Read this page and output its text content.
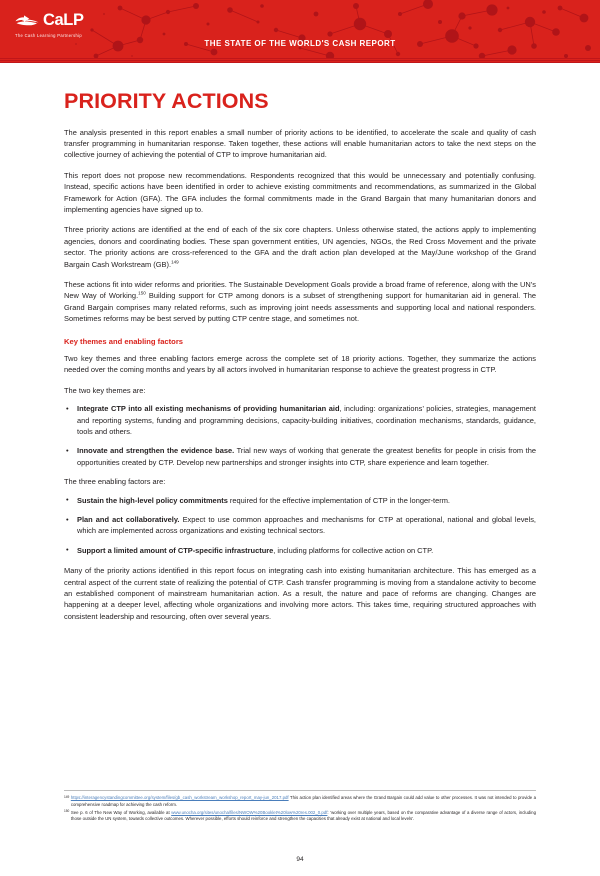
CaLP
The Cash Learning Partnership
THE STATE OF THE WORLD'S CASH REPORT
PRIORITY ACTIONS

The analysis presented in this report enables a small number of priority actions to be identified, to accelerate the scale and quality of cash transfer programming in humanitarian response. Taken together, these actions will enable humanitarian actors to take the next steps on the collective journey of achieving the potential of CTP to improve humanitarian aid.

This report does not propose new recommendations. Respondents recognized that this would be unnecessary and potentially confusing. Instead, specific actions have been identified in order to achieve existing commitments and recommendations, as summarized in the Global Framework for Action (GFA). The GFA includes the formal commitments made in the Grand Bargain that many humanitarian donors and implementing agencies have signed up to.

Three priority actions are identified at the end of each of the six core chapters. Unless otherwise stated, the actions apply to implementing agencies, donors and coordinating bodies. These span government entities, UN agencies, NGOs, the Red Cross Movement and the private sector. The priority actions are cross-referenced to the GFA and the draft action plan developed at the May/June workshop of the Grand Bargain Cash Workstream (GB).$^{149}$

These actions fit into wider reforms and priorities. The Sustainable Development Goals provide a broad frame of reference, along with the UN’s New Way of Working.$^{150}$ Building support for CTP among donors is a subset of strengthening support for humanitarian aid in general. The Grand Bargain comprises many related reforms, such as improving joint needs assessments and supporting local and national responders. Sometimes reforms may be best served by putting CTP centre stage, and sometimes not.

Key themes and enabling factors

Two key themes and three enabling factors emerge across the complete set of 18 priority actions. Together, they summarize the actions needed over the coming months and years by all actors involved in humanitarian response to achieve the greatest progress in CTP.

The two key themes are:

• Integrate CTP into all existing mechanisms of providing humanitarian aid, including: organizations’ policies, strategies, management and reporting systems, funding and programming decisions, capacity-building initiatives, coordination mechanisms, standards, guidance, tools and others.
• Innovate and strengthen the evidence base. Trial new ways of working that generate the greatest benefits for people in crisis from the opportunities created by CTP. Develop new partnerships and stronger insights into CTP, share experience and learn together.

The three enabling factors are:

• Sustain the high-level policy commitments required for the effective implementation of CTP in the longer-term.
• Plan and act collaboratively. Expect to use common approaches and mechanisms for CTP at operational, national and global levels, which are implemented across organizations and existing technical sectors.
• Support a limited amount of CTP-specific infrastructure, including platforms for collective action on CTP.

Many of the priority actions identified in this report focus on integrating cash into existing humanitarian architecture. This has emerged as a central aspect of the current state of realizing the potential of CTP. Cash transfer programming is moving from a standalone activity to become an established component of mainstream humanitarian action. As a result, the nature and pace of reforms are changing. Changes are happening at a deeper level, affecting whole organizations and involving more actors. This takes time, requiring structured approaches with consistent leadership and resourcing, often over several years.

149 https://interagencystandingcommittee.org/system/files/gb_cash_workstream_workshop_report_may-jun_2017.pdf This action plan identified areas where the Grand Bargain could add value to other processes. It was not intended to provide a comprehensive roadmap for achieving the cash reform.
150 See p. 6 of The New Way of Working, available at www.unocha.org/sites/unocha/files/NWOW%20Booklet%20low%20res.002_0.pdf: ‘working over multiple years, based on the comparative advantage of a diverse range of actors, including those outside the UN system, towards collective outcomes. Wherever possible, efforts should reinforce and strengthen the capacities that already exist at national and local levels’.
94
